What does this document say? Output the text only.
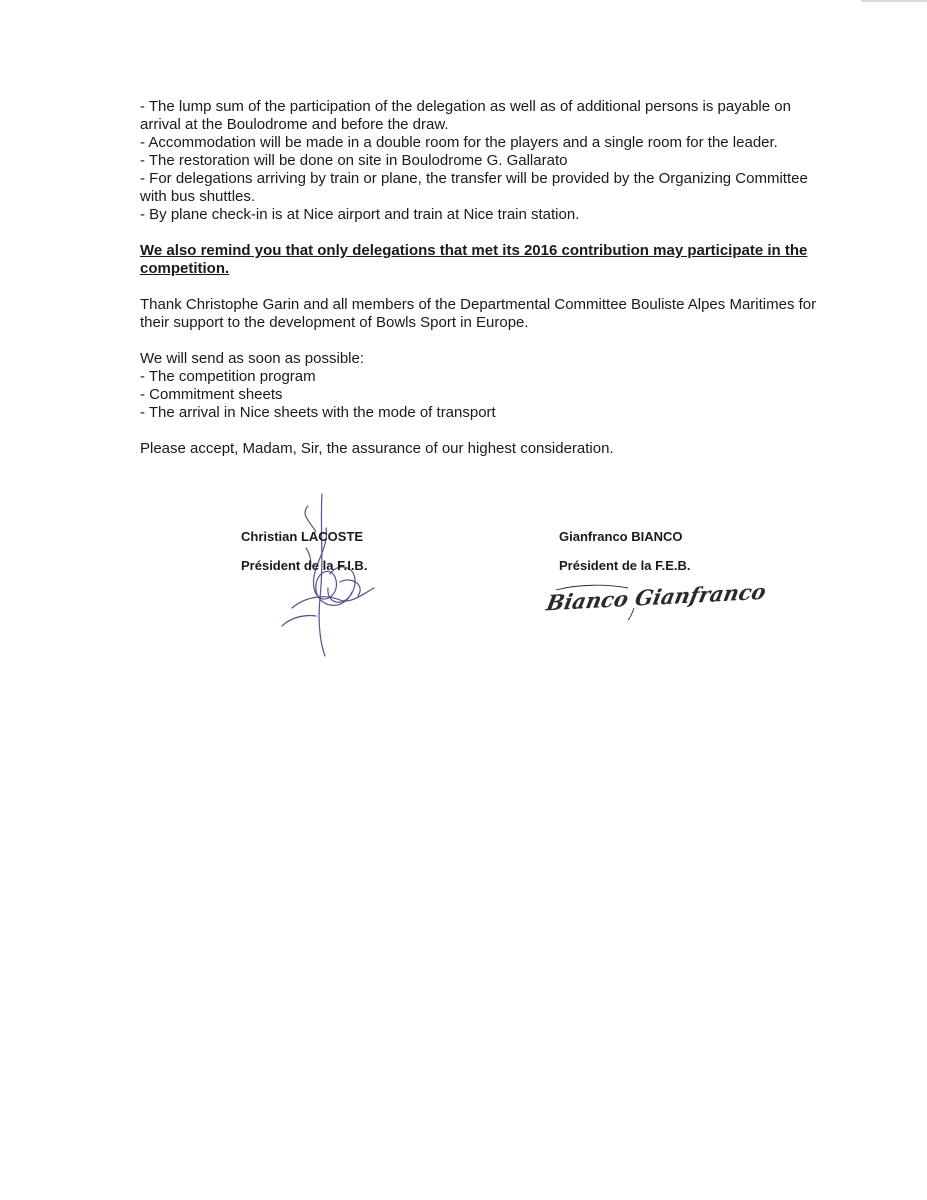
- The lump sum of the participation of the delegation as well as of additional persons is payable on arrival at the Boulodrome and before the draw.

- Accommodation will be made in a double room for the players and a single room for the leader.

- The restoration will be done on site in Boulodrome G. Gallarato

- For delegations arriving by train or plane, the transfer will be provided by the Organizing Committee with bus shuttles.

- By plane check-in is at Nice airport and train at Nice train station.

We also remind you that only delegations that met its 2016 contribution may participate in the competition.

Thank Christophe Garin and all members of the Departmental Committee Bouliste Alpes Maritimes for their support to the development of Bowls Sport in Europe.

We will send as soon as possible:

- The competition program

- Commitment sheets

- The arrival in Nice sheets with the mode of transport

Please accept, Madam, Sir, the assurance of our highest consideration.

Christian LACOSTE
Président de la F.I.B.
Gianfranco BIANCO
Président de la F.E.B.
Bianco Gianfranco
